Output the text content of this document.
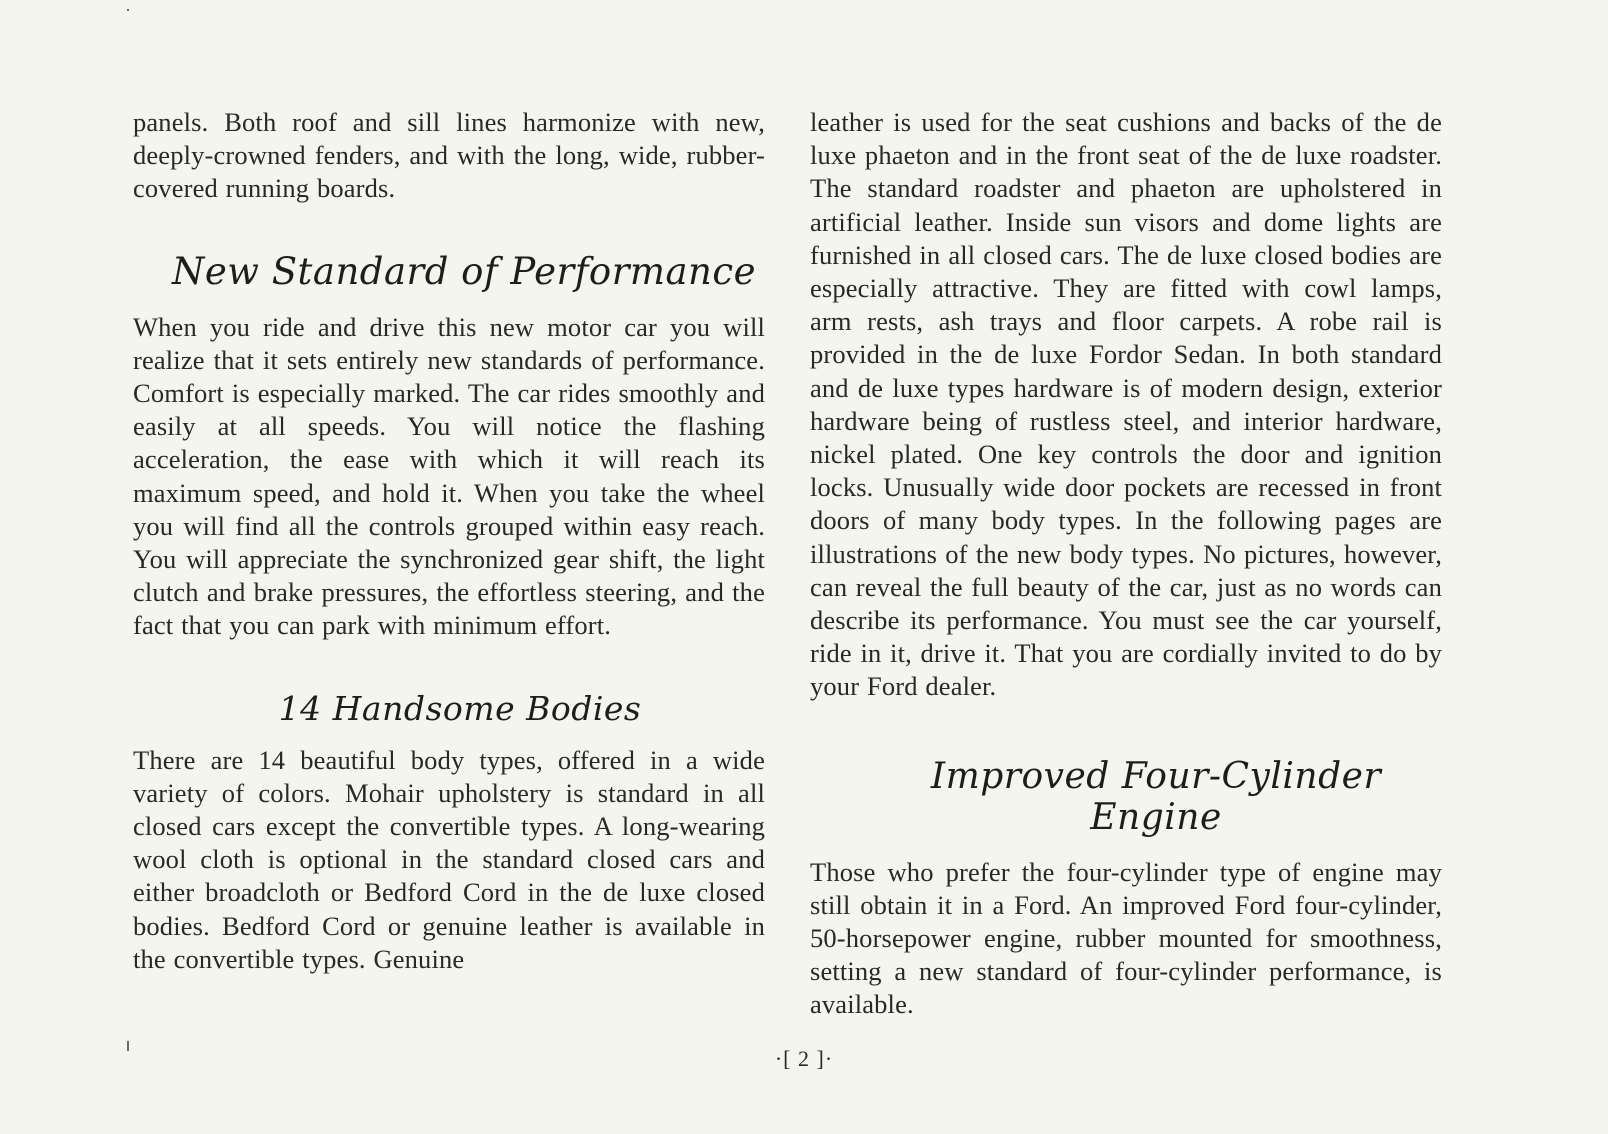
panels. Both roof and sill lines harmonize with new, deeply-crowned fenders, and with the long, wide, rubber-covered running boards.

New Standard of Performance

When you ride and drive this new motor car you will realize that it sets entirely new standards of performance. Comfort is especially marked. The car rides smoothly and easily at all speeds. You will notice the flashing acceleration, the ease with which it will reach its maximum speed, and hold it. When you take the wheel you will find all the controls grouped within easy reach. You will appreciate the synchronized gear shift, the light clutch and brake pressures, the effortless steering, and the fact that you can park with minimum effort.

14 Handsome Bodies

There are 14 beautiful body types, offered in a wide variety of colors. Mohair upholstery is standard in all closed cars except the convertible types. A long-wearing wool cloth is optional in the standard closed cars and either broadcloth or Bedford Cord in the de luxe closed bodies. Bedford Cord or genuine leather is available in the convertible types. Genuine

leather is used for the seat cushions and backs of the de luxe phaeton and in the front seat of the de luxe roadster. The standard roadster and phaeton are upholstered in artificial leather. Inside sun visors and dome lights are furnished in all closed cars. The de luxe closed bodies are especially attractive. They are fitted with cowl lamps, arm rests, ash trays and floor carpets. A robe rail is provided in the de luxe Fordor Sedan. In both standard and de luxe types hardware is of modern design, exterior hardware being of rustless steel, and interior hardware, nickel plated. One key controls the door and ignition locks. Unusually wide door pockets are recessed in front doors of many body types. In the following pages are illustrations of the new body types. No pictures, however, can reveal the full beauty of the car, just as no words can describe its performance. You must see the car yourself, ride in it, drive it. That you are cordially invited to do by your Ford dealer.

Improved Four-Cylinder Engine

Those who prefer the four-cylinder type of engine may still obtain it in a Ford. An improved Ford four-cylinder, 50-horsepower engine, rubber mounted for smoothness, setting a new standard of four-cylinder performance, is available.

·[ 2 ]·
